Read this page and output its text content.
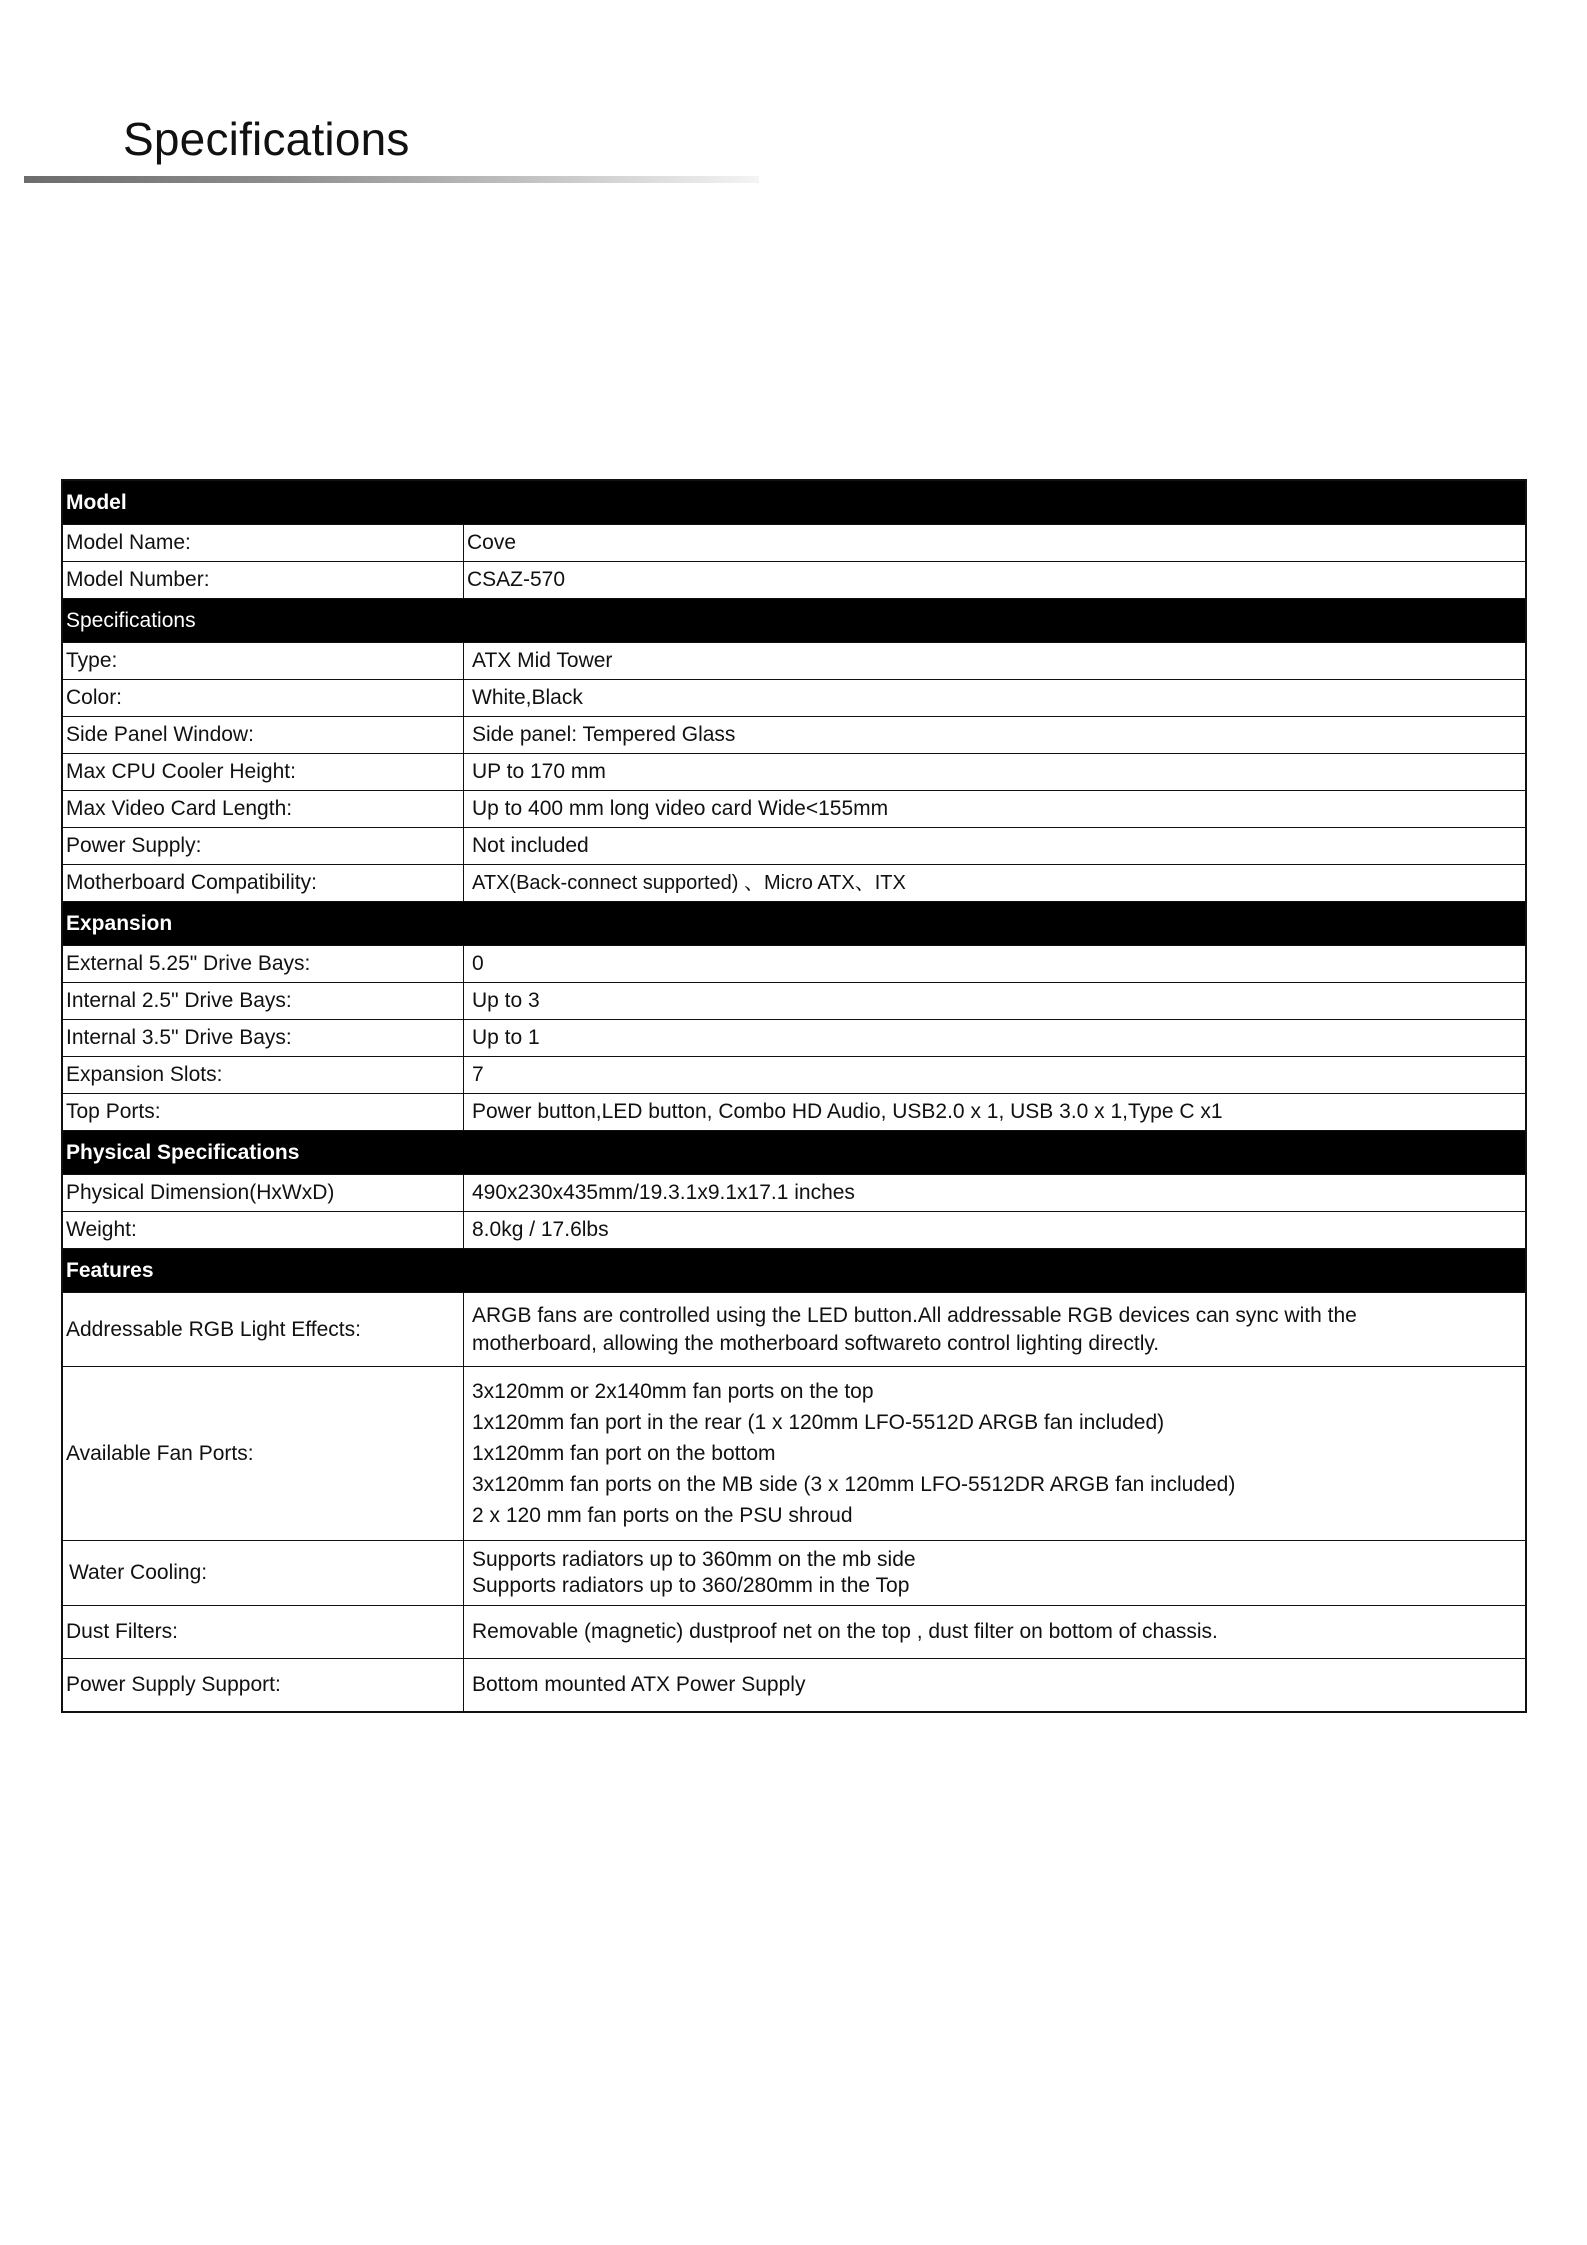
Specifications
Model
Model Name:	Cove
Model Number:	CSAZ-570
Specifications
Type:	ATX Mid Tower
Color:	White,Black
Side Panel Window:	Side panel: Tempered Glass
Max CPU Cooler Height:	UP to 170 mm
Max Video Card Length:	Up to 400 mm long video card Wide<155mm
Power Supply:	Not included
Motherboard Compatibility:	ATX(Back-connect supported) 、Micro ATX、ITX
Expansion
External 5.25" Drive Bays:	0
Internal 2.5" Drive Bays:	Up to 3
Internal 3.5" Drive Bays:	Up to 1
Expansion Slots:	7
Top Ports:	Power button,LED button, Combo HD Audio, USB2.0 x 1, USB 3.0 x 1,Type C x1
Physical Specifications
Physical Dimension(HxWxD)	490x230x435mm/19.3.1x9.1x17.1 inches
Weight:	8.0kg / 17.6lbs
Features
Addressable RGB Light Effects:
ARGB fans are controlled using the LED button.All addressable RGB devices can sync with the
motherboard, allowing the motherboard softwareto control lighting directly.
Available Fan Ports:
3x120mm or 2x140mm fan ports on the top
1x120mm fan port in the rear (1 x 120mm LFO-5512D ARGB fan included)
1x120mm fan port on the bottom
3x120mm fan ports on the MB side (3 x 120mm LFO-5512DR ARGB fan included)
2 x 120 mm fan ports on the PSU shroud
Water Cooling:
Supports radiators up to 360mm on the mb side
Supports radiators up to 360/280mm in the Top
Dust Filters:	Removable (magnetic) dustproof net on the top , dust filter on bottom of chassis.
Power Supply Support:	Bottom mounted ATX Power Supply
